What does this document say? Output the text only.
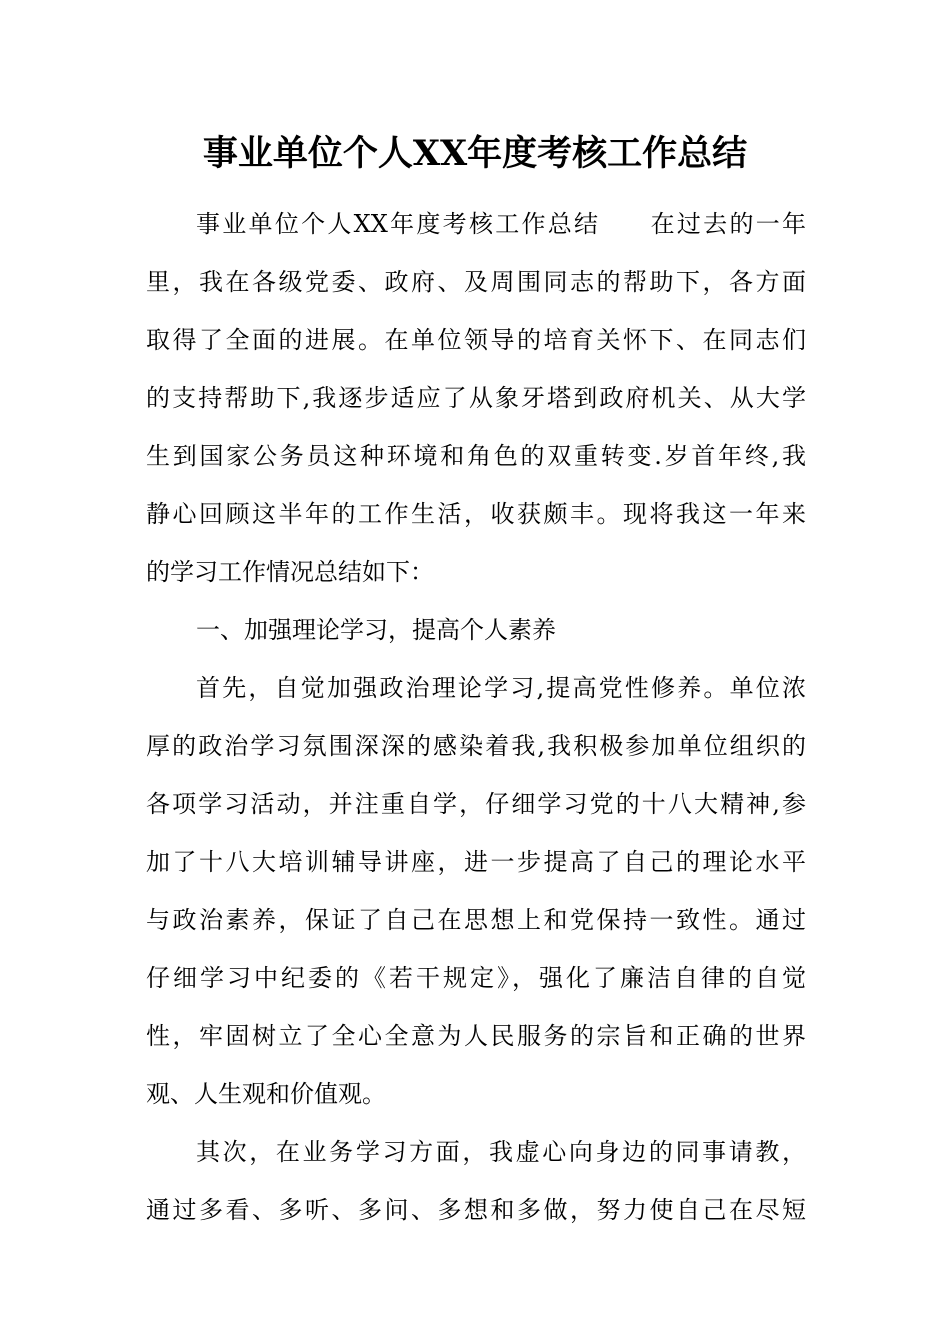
事业单位个人XX年度考核工作总结
事业单位个人XX年度考核工作总结 在过去的一年
里，我在各级党委、政府、及周围同志的帮助下，各方面
取得了全面的进展。在单位领导的培育关怀下、在同志们
的支持帮助下,我逐步适应了从象牙塔到政府机关、从大学
生到国家公务员这种环境和角色的双重转变.岁首年终,我
静心回顾这半年的工作生活，收获颇丰。现将我这一年来
的学习工作情况总结如下：
一、加强理论学习，提高个人素养
首先，自觉加强政治理论学习,提高党性修养。单位浓
厚的政治学习氛围深深的感染着我,我积极参加单位组织的
各项学习活动，并注重自学，仔细学习党的十八大精神,参
加了十八大培训辅导讲座，进一步提高了自己的理论水平
与政治素养，保证了自己在思想上和党保持一致性。通过
仔细学习中纪委的《若干规定》，强化了廉洁自律的自觉
性，牢固树立了全心全意为人民服务的宗旨和正确的世界
观、人生观和价值观。
其次，在业务学习方面，我虚心向身边的同事请教，
通过多看、多听、多问、多想和多做，努力使自己在尽短
